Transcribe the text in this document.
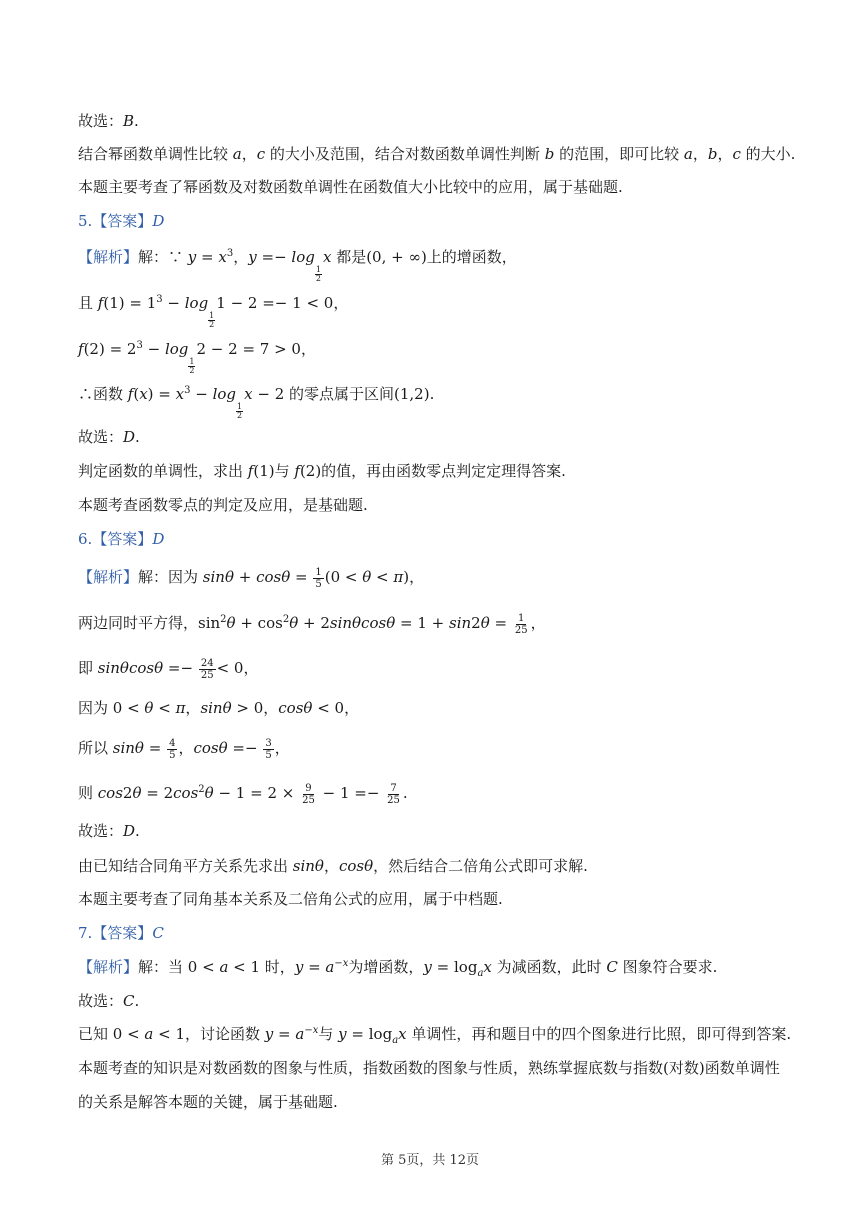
故选：B.
结合幂函数单调性比较 a，c 的大小及范围，结合对数函数单调性判断 b 的范围，即可比较 a，b，c 的大小.
本题主要考查了幂函数及对数函数单调性在函数值大小比较中的应用，属于基础题.
5.【答案】D
【解析】解：∵ $y = x^3$，y =− log
$\frac{1}{2}$
x 都是(0, + ∞)上的增函数，
且 $f(1) = 1^3 - \log$
$\frac{1}{2}$
1 − 2 =− 1 < 0，
$f(2) = 2^3 - \log$
$\frac{1}{2}$
2 − 2 = 7 > 0，
∴函数 $f(x) = x^3 - \log$
$\frac{1}{2}$
x − 2 的零点属于区间(1,2).
故选：D.
判定函数的单调性，求出 f(1)与 f(2)的值，再由函数零点判定定理得答案.
本题考查函数零点的判定及应用，是基础题.
6.【答案】D
【解析】解：因为 $\sin\theta + \cos\theta = \frac{1}{5} (0 < \theta < \pi)$，
两边同时平方得，$\sin^2\theta + \cos^2\theta + 2\sin\theta\cos\theta = 1 + \sin 2\theta = \frac{1}{25}$ ，
即 $\sin\theta\cos\theta =- \frac{24}{25} < 0$，
因为 0 < θ < π，sinθ > 0，cosθ < 0，
所以 $\sin\theta = \frac{4}{5}$ ，$\cos\theta =- \frac{3}{5}$ ，
则 $\cos 2\theta = 2\cos^2\theta - 1 = 2 \times \frac{9}{25} - 1 =- \frac{7}{25}$ .
故选：D.
由已知结合同角平方关系先求出 sinθ，cosθ，然后结合二倍角公式即可求解.
本题主要考查了同角基本关系及二倍角公式的应用，属于中档题.
7.【答案】C
【解析】解：当 0 < a < 1 时，$y = a^{-x}$为增函数，$y = \log_ax$ 为减函数，此时 C 图象符合要求.
故选：C.
已知 0 < a < 1，讨论函数 $y = a^{-x}$与 $y = \log_ax$ 单调性，再和题目中的四个图象进行比照，即可得到答案.
本题考查的知识是对数函数的图象与性质，指数函数的图象与性质，熟练掌握底数与指数(对数)函数单调性
的关系是解答本题的关键，属于基础题.
第 5页，共 12页
